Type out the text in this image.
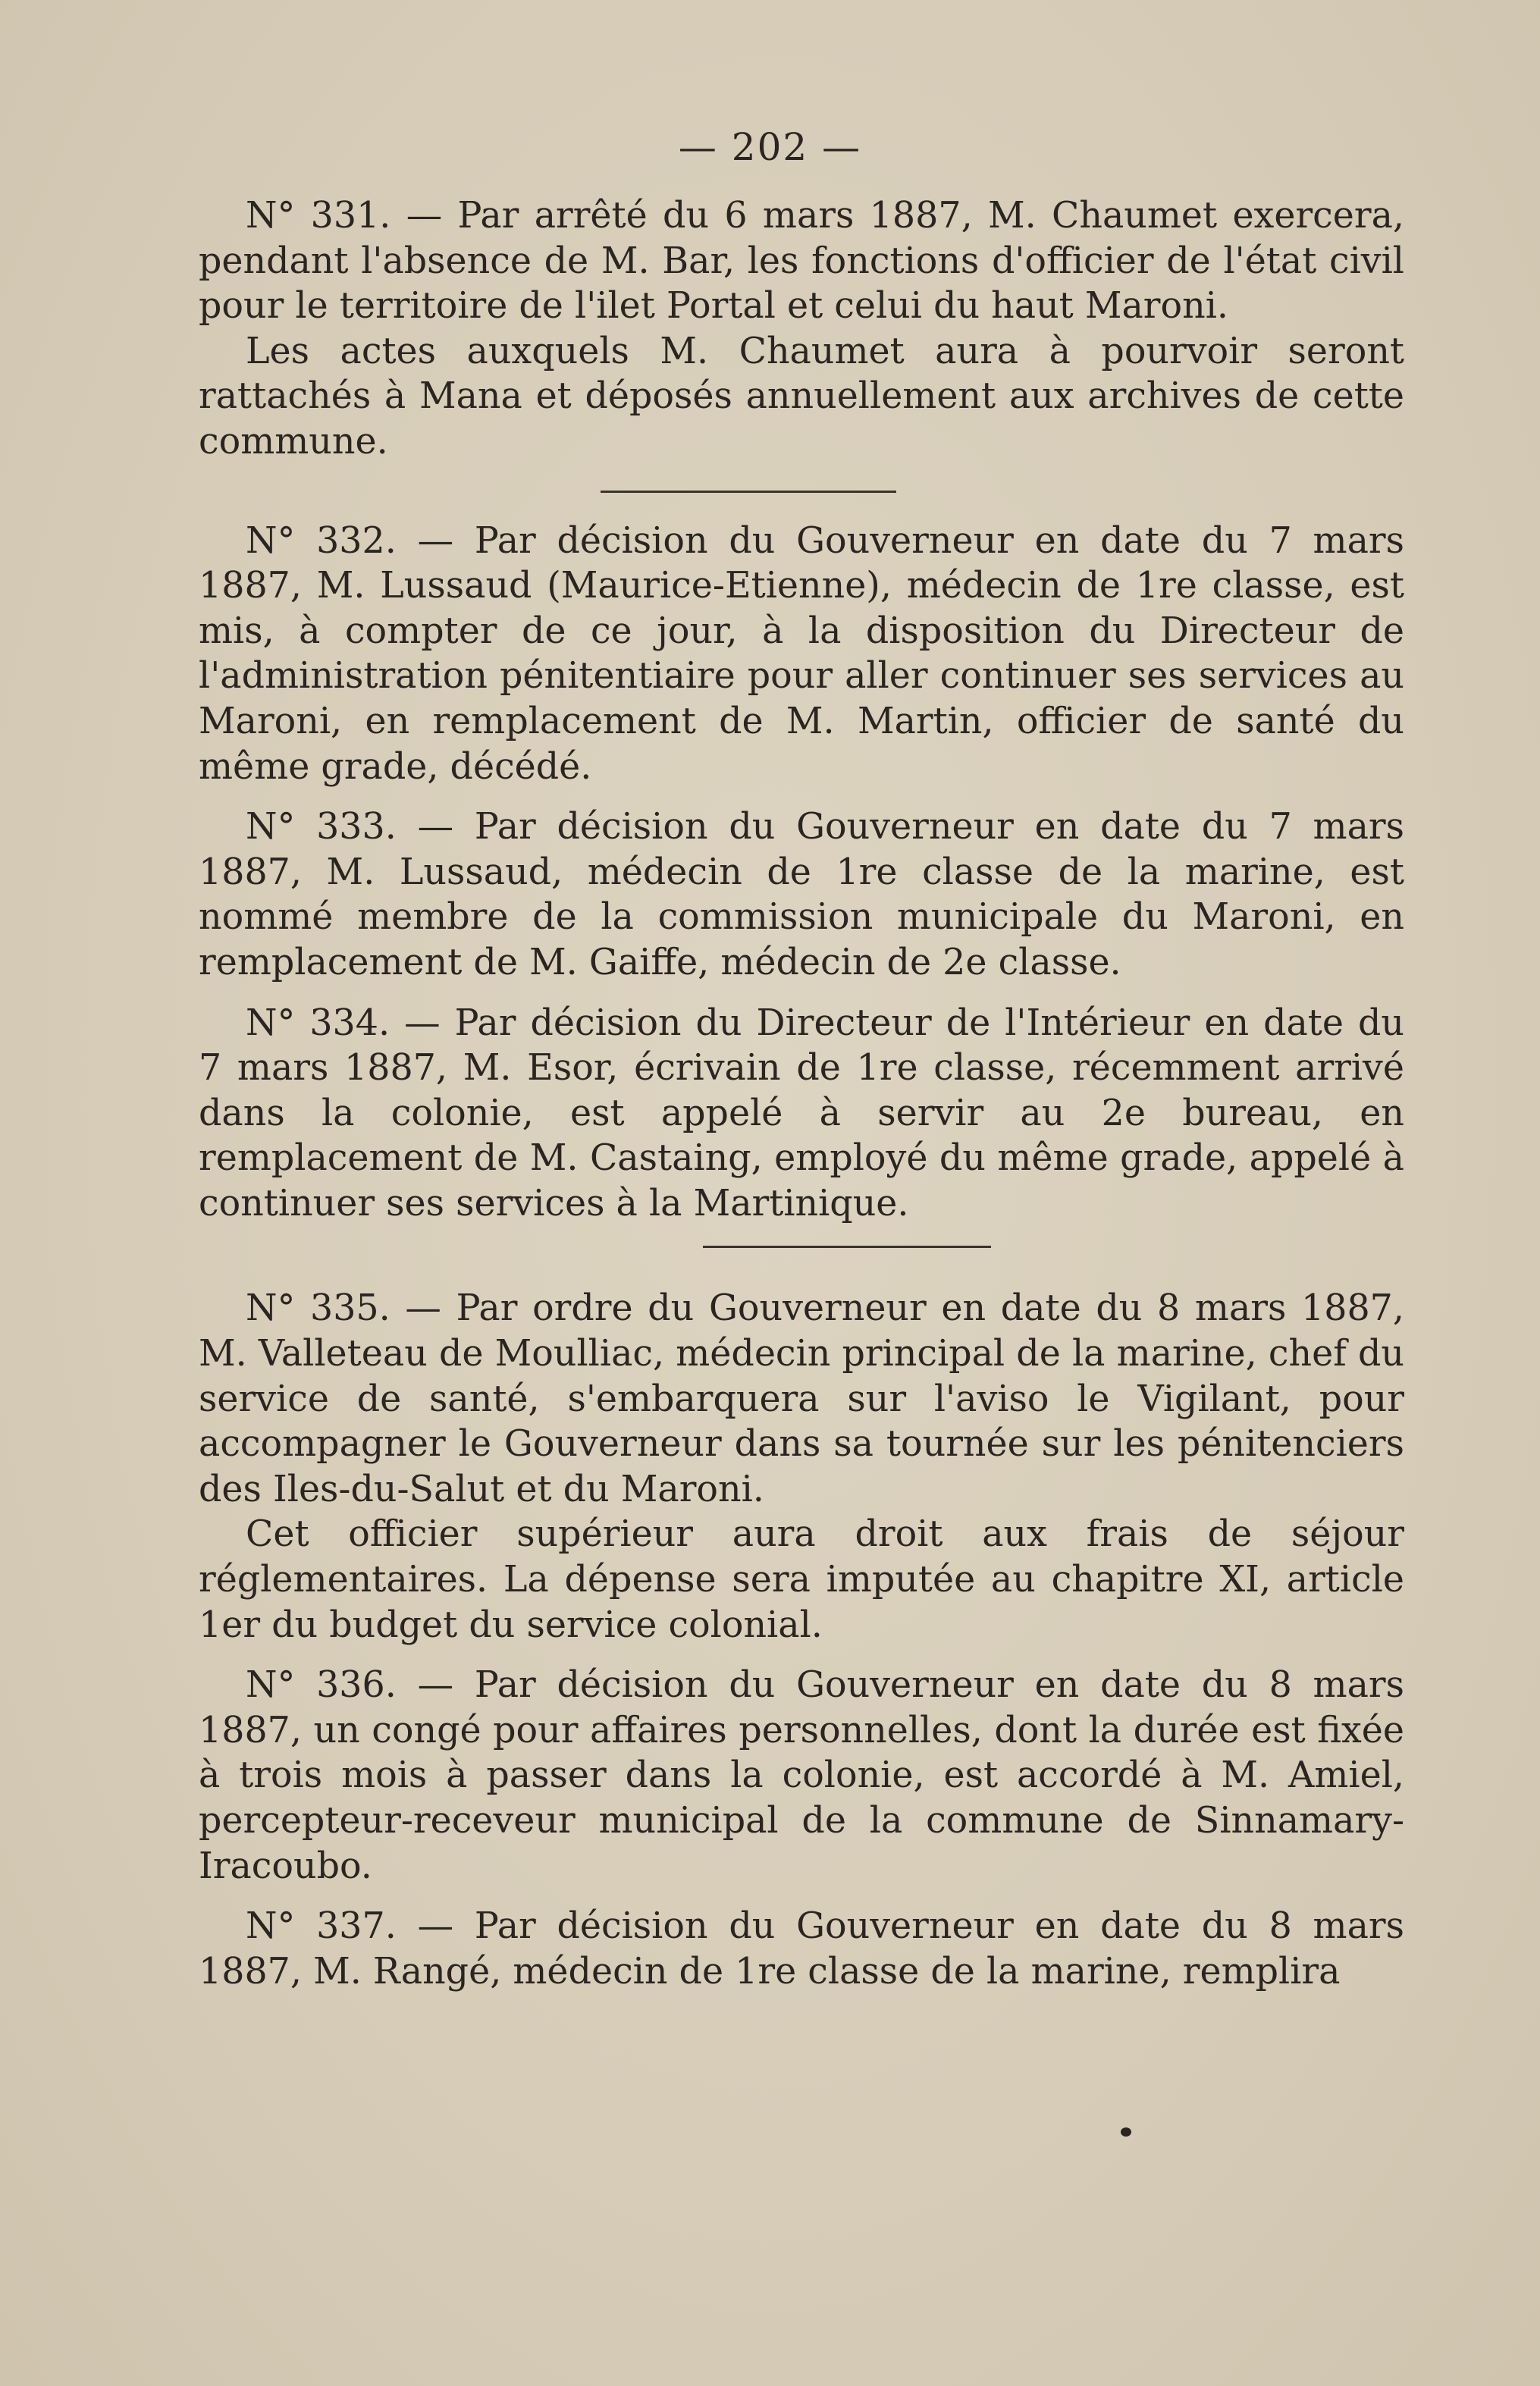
— 202 —

N° 331. — Par arrêté du 6 mars 1887, M. Chaumet exercera, pendant l'absence de M. Bar, les fonctions d'officier de l'état civil pour le territoire de l'ilet Portal et celui du haut Maroni.

Les actes auxquels M. Chaumet aura à pourvoir seront rattachés à Mana et déposés annuellement aux archives de cette commune.

N° 332. — Par décision du Gouverneur en date du 7 mars 1887, M. Lussaud (Maurice-Etienne), médecin de 1re classe, est mis, à compter de ce jour, à la disposition du Directeur de l'administration pénitentiaire pour aller continuer ses services au Maroni, en remplacement de M. Martin, officier de santé du même grade, décédé.

N° 333. — Par décision du Gouverneur en date du 7 mars 1887, M. Lussaud, médecin de 1re classe de la marine, est nommé membre de la commission municipale du Maroni, en remplacement de M. Gaiffe, médecin de 2e classe.

N° 334. — Par décision du Directeur de l'Intérieur en date du 7 mars 1887, M. Esor, écrivain de 1re classe, récemment arrivé dans la colonie, est appelé à servir au 2e bureau, en remplacement de M. Castaing, employé du même grade, appelé à continuer ses services à la Martinique.

N° 335. — Par ordre du Gouverneur en date du 8 mars 1887, M. Valleteau de Moulliac, médecin principal de la marine, chef du service de santé, s'embarquera sur l'aviso le Vigilant, pour accompagner le Gouverneur dans sa tournée sur les pénitenciers des Iles-du-Salut et du Maroni.

Cet officier supérieur aura droit aux frais de séjour réglementaires. La dépense sera imputée au chapitre XI, article 1er du budget du service colonial.

N° 336. — Par décision du Gouverneur en date du 8 mars 1887, un congé pour affaires personnelles, dont la durée est fixée à trois mois à passer dans la colonie, est accordé à M. Amiel, percepteur-receveur municipal de la commune de Sinnamary-Iracoubo.

N° 337. — Par décision du Gouverneur en date du 8 mars 1887, M. Rangé, médecin de 1re classe de la marine, remplira
